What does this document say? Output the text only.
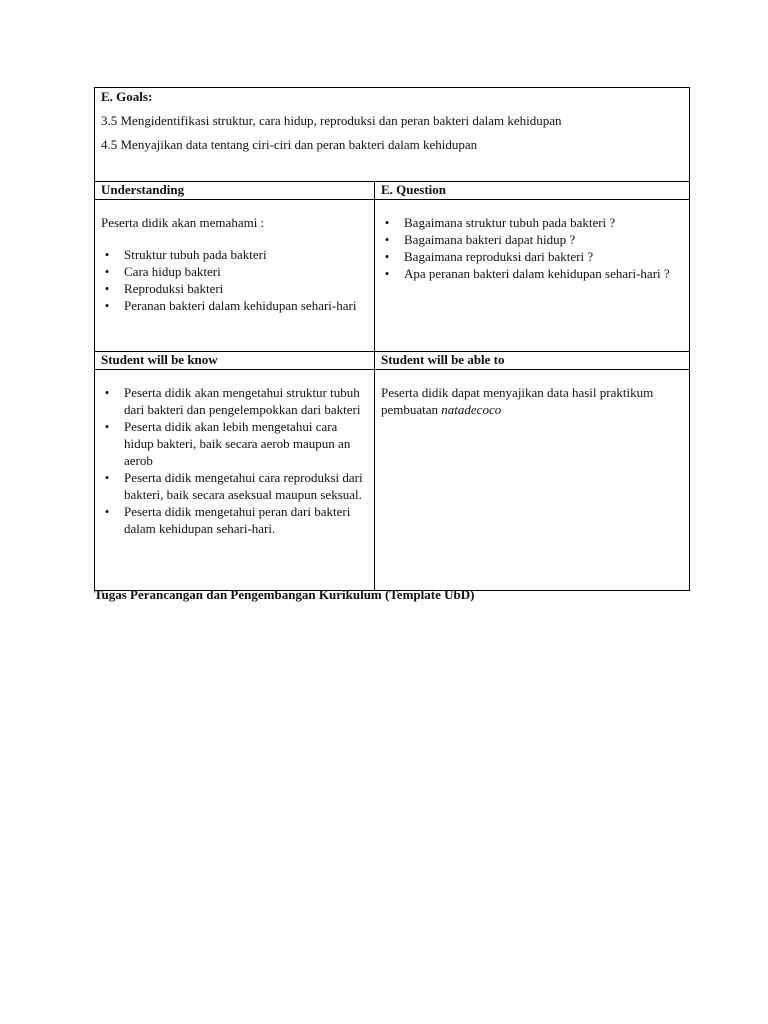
E. Goals:
3.5 Mengidentifikasi struktur, cara hidup, reproduksi dan peran bakteri dalam kehidupan
4.5 Menyajikan data tentang ciri-ciri dan peran bakteri dalam kehidupan
Understanding	E. Question
Peserta didik akan memahami :
• Struktur tubuh pada bakteri
• Cara hidup bakteri
• Reproduksi bakteri
• Peranan bakteri dalam kehidupan sehari-hari
• Bagaimana struktur tubuh pada bakteri ?
• Bagaimana bakteri dapat hidup ?
• Bagaimana reproduksi dari bakteri ?
• Apa peranan bakteri dalam kehidupan sehari-hari ?
Student will be know	Student will be able to
• Peserta didik akan mengetahui struktur tubuh dari bakteri dan pengelempokkan dari bakteri
• Peserta didik akan lebih mengetahui cara hidup bakteri, baik secara aerob maupun an aerob
• Peserta didik mengetahui cara reproduksi dari bakteri, baik secara aseksual maupun seksual.
• Peserta didik mengetahui peran dari bakteri dalam kehidupan sehari-hari.
Peserta didik dapat menyajikan data hasil praktikum pembuatan natadecoco
Tugas Perancangan dan Pengembangan Kurikulum (Template UbD)
